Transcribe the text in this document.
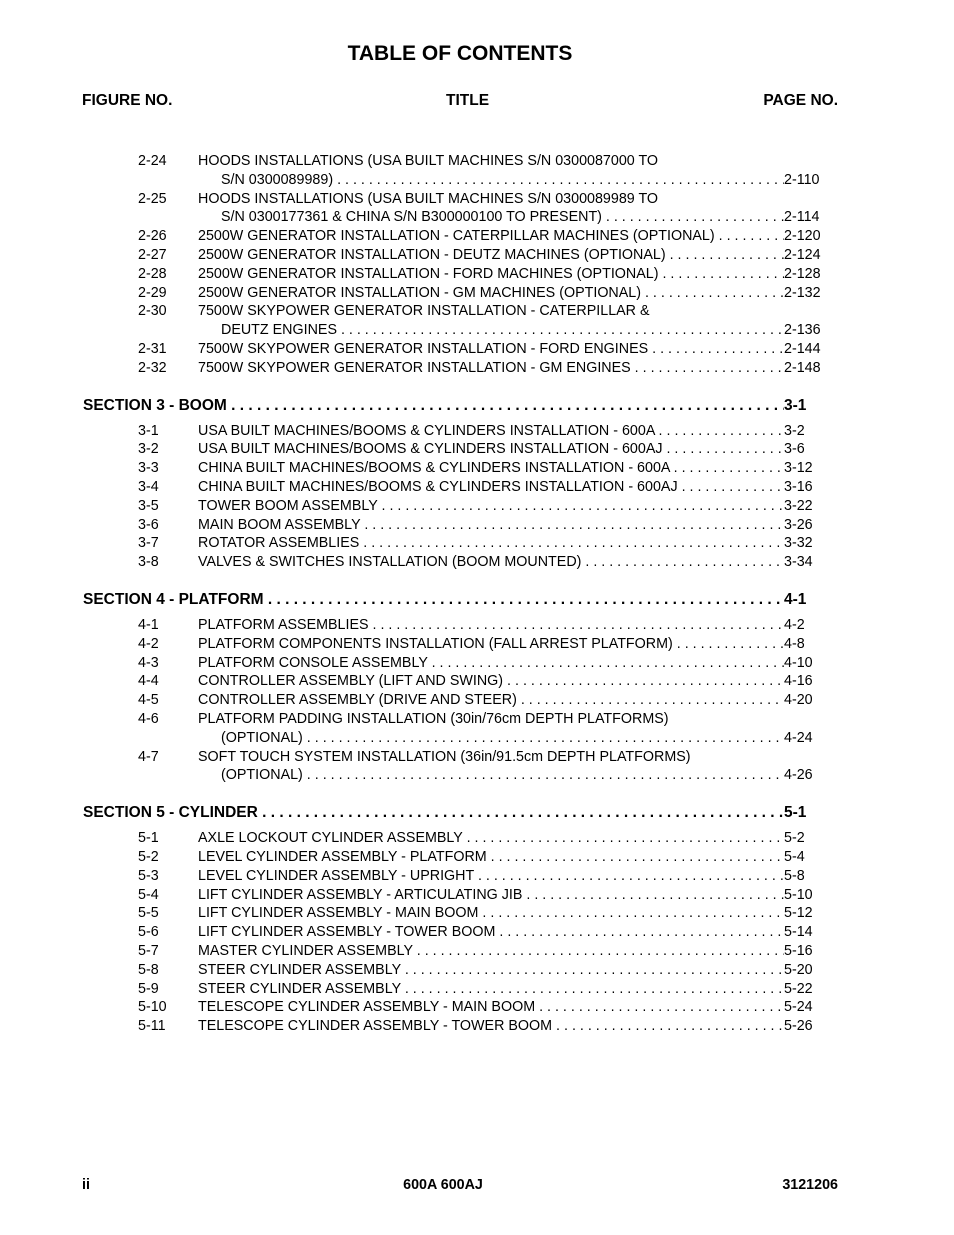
TABLE OF CONTENTS
FIGURE NO.	TITLE	PAGE NO.
2-24 HOODS INSTALLATIONS (USA BUILT MACHINES S/N 0300087000 TO
S/N 0300089989) . . .	2-110
2-25 HOODS INSTALLATIONS (USA BUILT MACHINES S/N 0300089989 TO
S/N 0300177361 & CHINA S/N B300000100 TO PRESENT) . . .	2-114
2-26 2500W GENERATOR INSTALLATION - CATERPILLAR MACHINES (OPTIONAL) . . .	2-120
2-27 2500W GENERATOR INSTALLATION - DEUTZ MACHINES (OPTIONAL) . . .	2-124
2-28 2500W GENERATOR INSTALLATION - FORD MACHINES (OPTIONAL) . . .	2-128
2-29 2500W GENERATOR INSTALLATION - GM MACHINES (OPTIONAL) . . .	2-132
2-30 7500W SKYPOWER GENERATOR INSTALLATION - CATERPILLAR &
DEUTZ ENGINES . . .	2-136
2-31 7500W SKYPOWER GENERATOR INSTALLATION - FORD ENGINES . . .	2-144
2-32 7500W SKYPOWER GENERATOR INSTALLATION - GM ENGINES . . .	2-148
SECTION 3 - BOOM . . .	3-1
3-1	USA BUILT MACHINES/BOOMS & CYLINDERS INSTALLATION - 600A . . .	3-2
3-2	USA BUILT MACHINES/BOOMS & CYLINDERS INSTALLATION - 600AJ . . .	3-6
3-3	CHINA BUILT MACHINES/BOOMS & CYLINDERS INSTALLATION - 600A . . .	3-12
3-4	CHINA BUILT MACHINES/BOOMS & CYLINDERS INSTALLATION - 600AJ . . .	3-16
3-5	TOWER BOOM ASSEMBLY . . .	3-22
3-6	MAIN BOOM ASSEMBLY . . .	3-26
3-7	ROTATOR ASSEMBLIES . . .	3-32
3-8	VALVES & SWITCHES INSTALLATION (BOOM MOUNTED) . . .	3-34
SECTION 4 - PLATFORM . . .	4-1
4-1	PLATFORM ASSEMBLIES . . .	4-2
4-2	PLATFORM COMPONENTS INSTALLATION (FALL ARREST PLATFORM) . . .	4-8
4-3	PLATFORM CONSOLE ASSEMBLY . . .	4-10
4-4	CONTROLLER ASSEMBLY (LIFT AND SWING) . . .	4-16
4-5	CONTROLLER ASSEMBLY (DRIVE AND STEER) . . .	4-20
4-6	PLATFORM PADDING INSTALLATION (30in/76cm DEPTH PLATFORMS)
(OPTIONAL) . . .	4-24
4-7	SOFT TOUCH SYSTEM INSTALLATION (36in/91.5cm DEPTH PLATFORMS)
(OPTIONAL) . . .	4-26
SECTION 5 - CYLINDER . . .	5-1
5-1	AXLE LOCKOUT CYLINDER ASSEMBLY . . .	5-2
5-2	LEVEL CYLINDER ASSEMBLY - PLATFORM . . .	5-4
5-3	LEVEL CYLINDER ASSEMBLY - UPRIGHT . . .	5-8
5-4	LIFT CYLINDER ASSEMBLY - ARTICULATING JIB . . .	5-10
5-5	LIFT CYLINDER ASSEMBLY - MAIN BOOM . . .	5-12
5-6	LIFT CYLINDER ASSEMBLY - TOWER BOOM . . .	5-14
5-7	MASTER CYLINDER ASSEMBLY . . .	5-16
5-8	STEER CYLINDER ASSEMBLY . . .	5-20
5-9	STEER CYLINDER ASSEMBLY . . .	5-22
5-10 TELESCOPE CYLINDER ASSEMBLY - MAIN BOOM . . .	5-24
5-11 TELESCOPE CYLINDER ASSEMBLY - TOWER BOOM . . .	5-26
ii	600A 600AJ	3121206
